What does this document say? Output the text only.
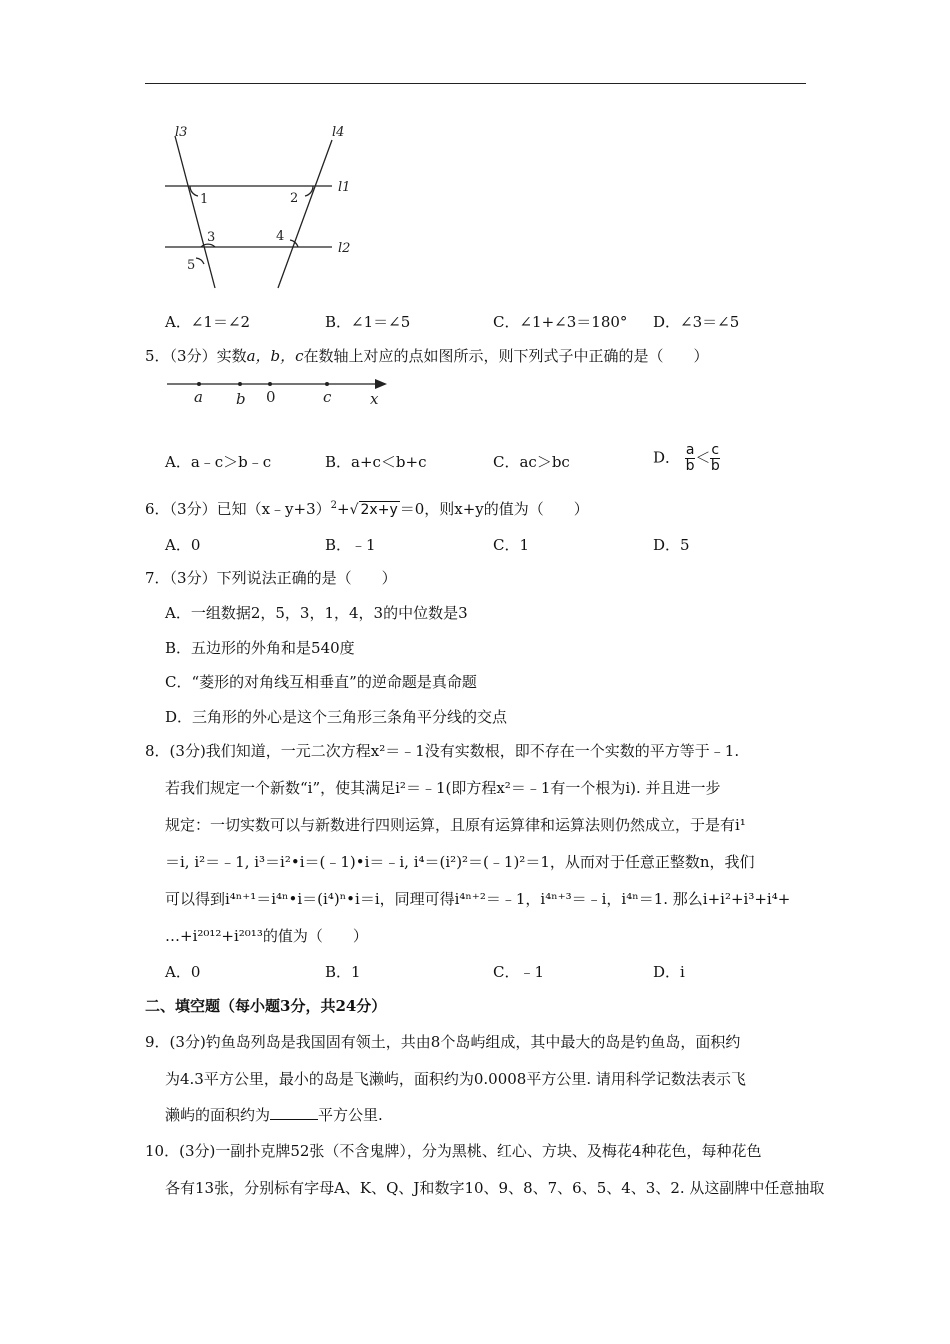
l3	l4
l1
l2
1	2
3	4
5
A．∠1＝∠2	B．∠1＝∠5	C．∠1+∠3＝180° D．∠3＝∠5
5．（3分）实数a，b，c在数轴上对应的点如图所示，则下列式子中正确的是（　　）
a b 0	c	x
A．a﹣c＞b﹣c	B．a+c＜b+c	C．ac＞bc	D． $\frac{a}{b} < \frac{c}{b}$
6．（3分）已知（x﹣y+3）$^2$+√ 2x+y ＝0，则x+y的值为（　　）
A．0	B．﹣1	C．1	D．5
7．（3分）下列说法正确的是（　　）
A．一组数据2，5，3，1，4，3的中位数是3
B．五边形的外角和是540度
C．“菱形的对角线互相垂直”的逆命题是真命题
D．三角形的外心是这个三角形三条角平分线的交点
8．(3分)我们知道，一元二次方程x²＝﹣1没有实数根，即不存在一个实数的平方等于﹣1.
若我们规定一个新数“i”，使其满足i²＝﹣1(即方程x²＝﹣1有一个根为i). 并且进一步
规定：一切实数可以与新数进行四则运算，且原有运算律和运算法则仍然成立，于是有i¹
＝i, i²＝﹣1, i³＝i²•i＝(﹣1)•i＝﹣i, i⁴＝(i²)²＝(﹣1)²＝1，从而对于任意正整数n，我们
可以得到i⁴ⁿ⁺¹＝i⁴ⁿ•i＝(i⁴)ⁿ•i＝i，同理可得i⁴ⁿ⁺²＝﹣1，i⁴ⁿ⁺³＝﹣i，i⁴ⁿ＝1. 那么i+i²+i³+i⁴+
…+i²⁰¹²+i²⁰¹³的值为（　　）
A．0	B．1	C．﹣1	D．i
二、填空题（每小题3分，共24分）
9．(3分)钓鱼岛列岛是我国固有领土，共由8个岛屿组成，其中最大的岛是钓鱼岛，面积约
为4.3平方公里，最小的岛是飞濑屿，面积约为0.0008平方公里. 请用科学记数法表示飞
濑屿的面积约为	平方公里.
10．(3分)一副扑克牌52张（不含鬼牌），分为黑桃、红心、方块、及梅花4种花色，每种花色
各有13张，分别标有字母A、K、Q、J和数字10、9、8、7、6、5、4、3、2. 从这副牌中任意抽取
